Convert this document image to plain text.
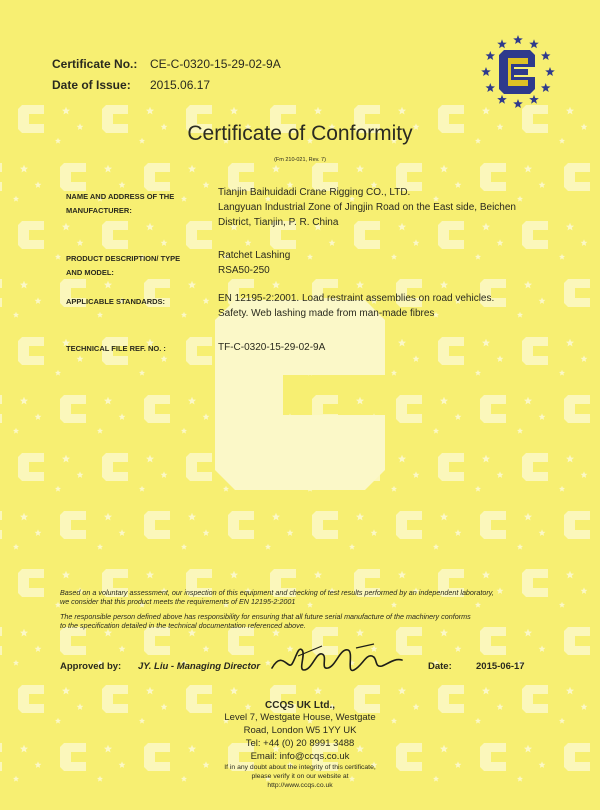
Certificate No.: CE-C-0320-15-29-02-9A
Date of Issue: 2015.06.17
Certificate of Conformity
(Fm 210-021, Rev. 7)
NAME AND ADDRESS OF THE
MANUFACTURER:
Tianjin Baihuidadi Crane Rigging CO., LTD.
Langyuan Industrial Zone of Jingjin Road on the East side, Beichen
District, Tianjin, P. R. China
PRODUCT DESCRIPTION/ TYPE
AND MODEL:
Ratchet Lashing
RSA50-250
APPLICABLE STANDARDS:	EN 12195-2:2001. Load restraint assemblies on road vehicles.
Safety. Web lashing made from man-made fibres
TECHNICAL FILE REF. NO. :	TF-C-0320-15-29-02-9A
Based on a voluntary assessment, our inspection of this equipment and checking of test results performed by an independent laboratory,
we consider that this product meets the requirements of EN 12195-2:2001
The responsible person defined above has responsibility for ensuring that all future serial manufacture of the machinery conforms
to the specification detailed in the technical documentation referenced above.
Approved by: JY. Liu - Managing Director	Date:	2015-06-17
CCQS UK Ltd.,
Level 7, Westgate House, Westgate
Road, London W5 1YY UK
Tel: +44 (0) 20 8991 3488
Email: info@ccqs.co.uk
If in any doubt about the integrity of this certificate,
please verify it on our website at
http://www.ccqs.co.uk
